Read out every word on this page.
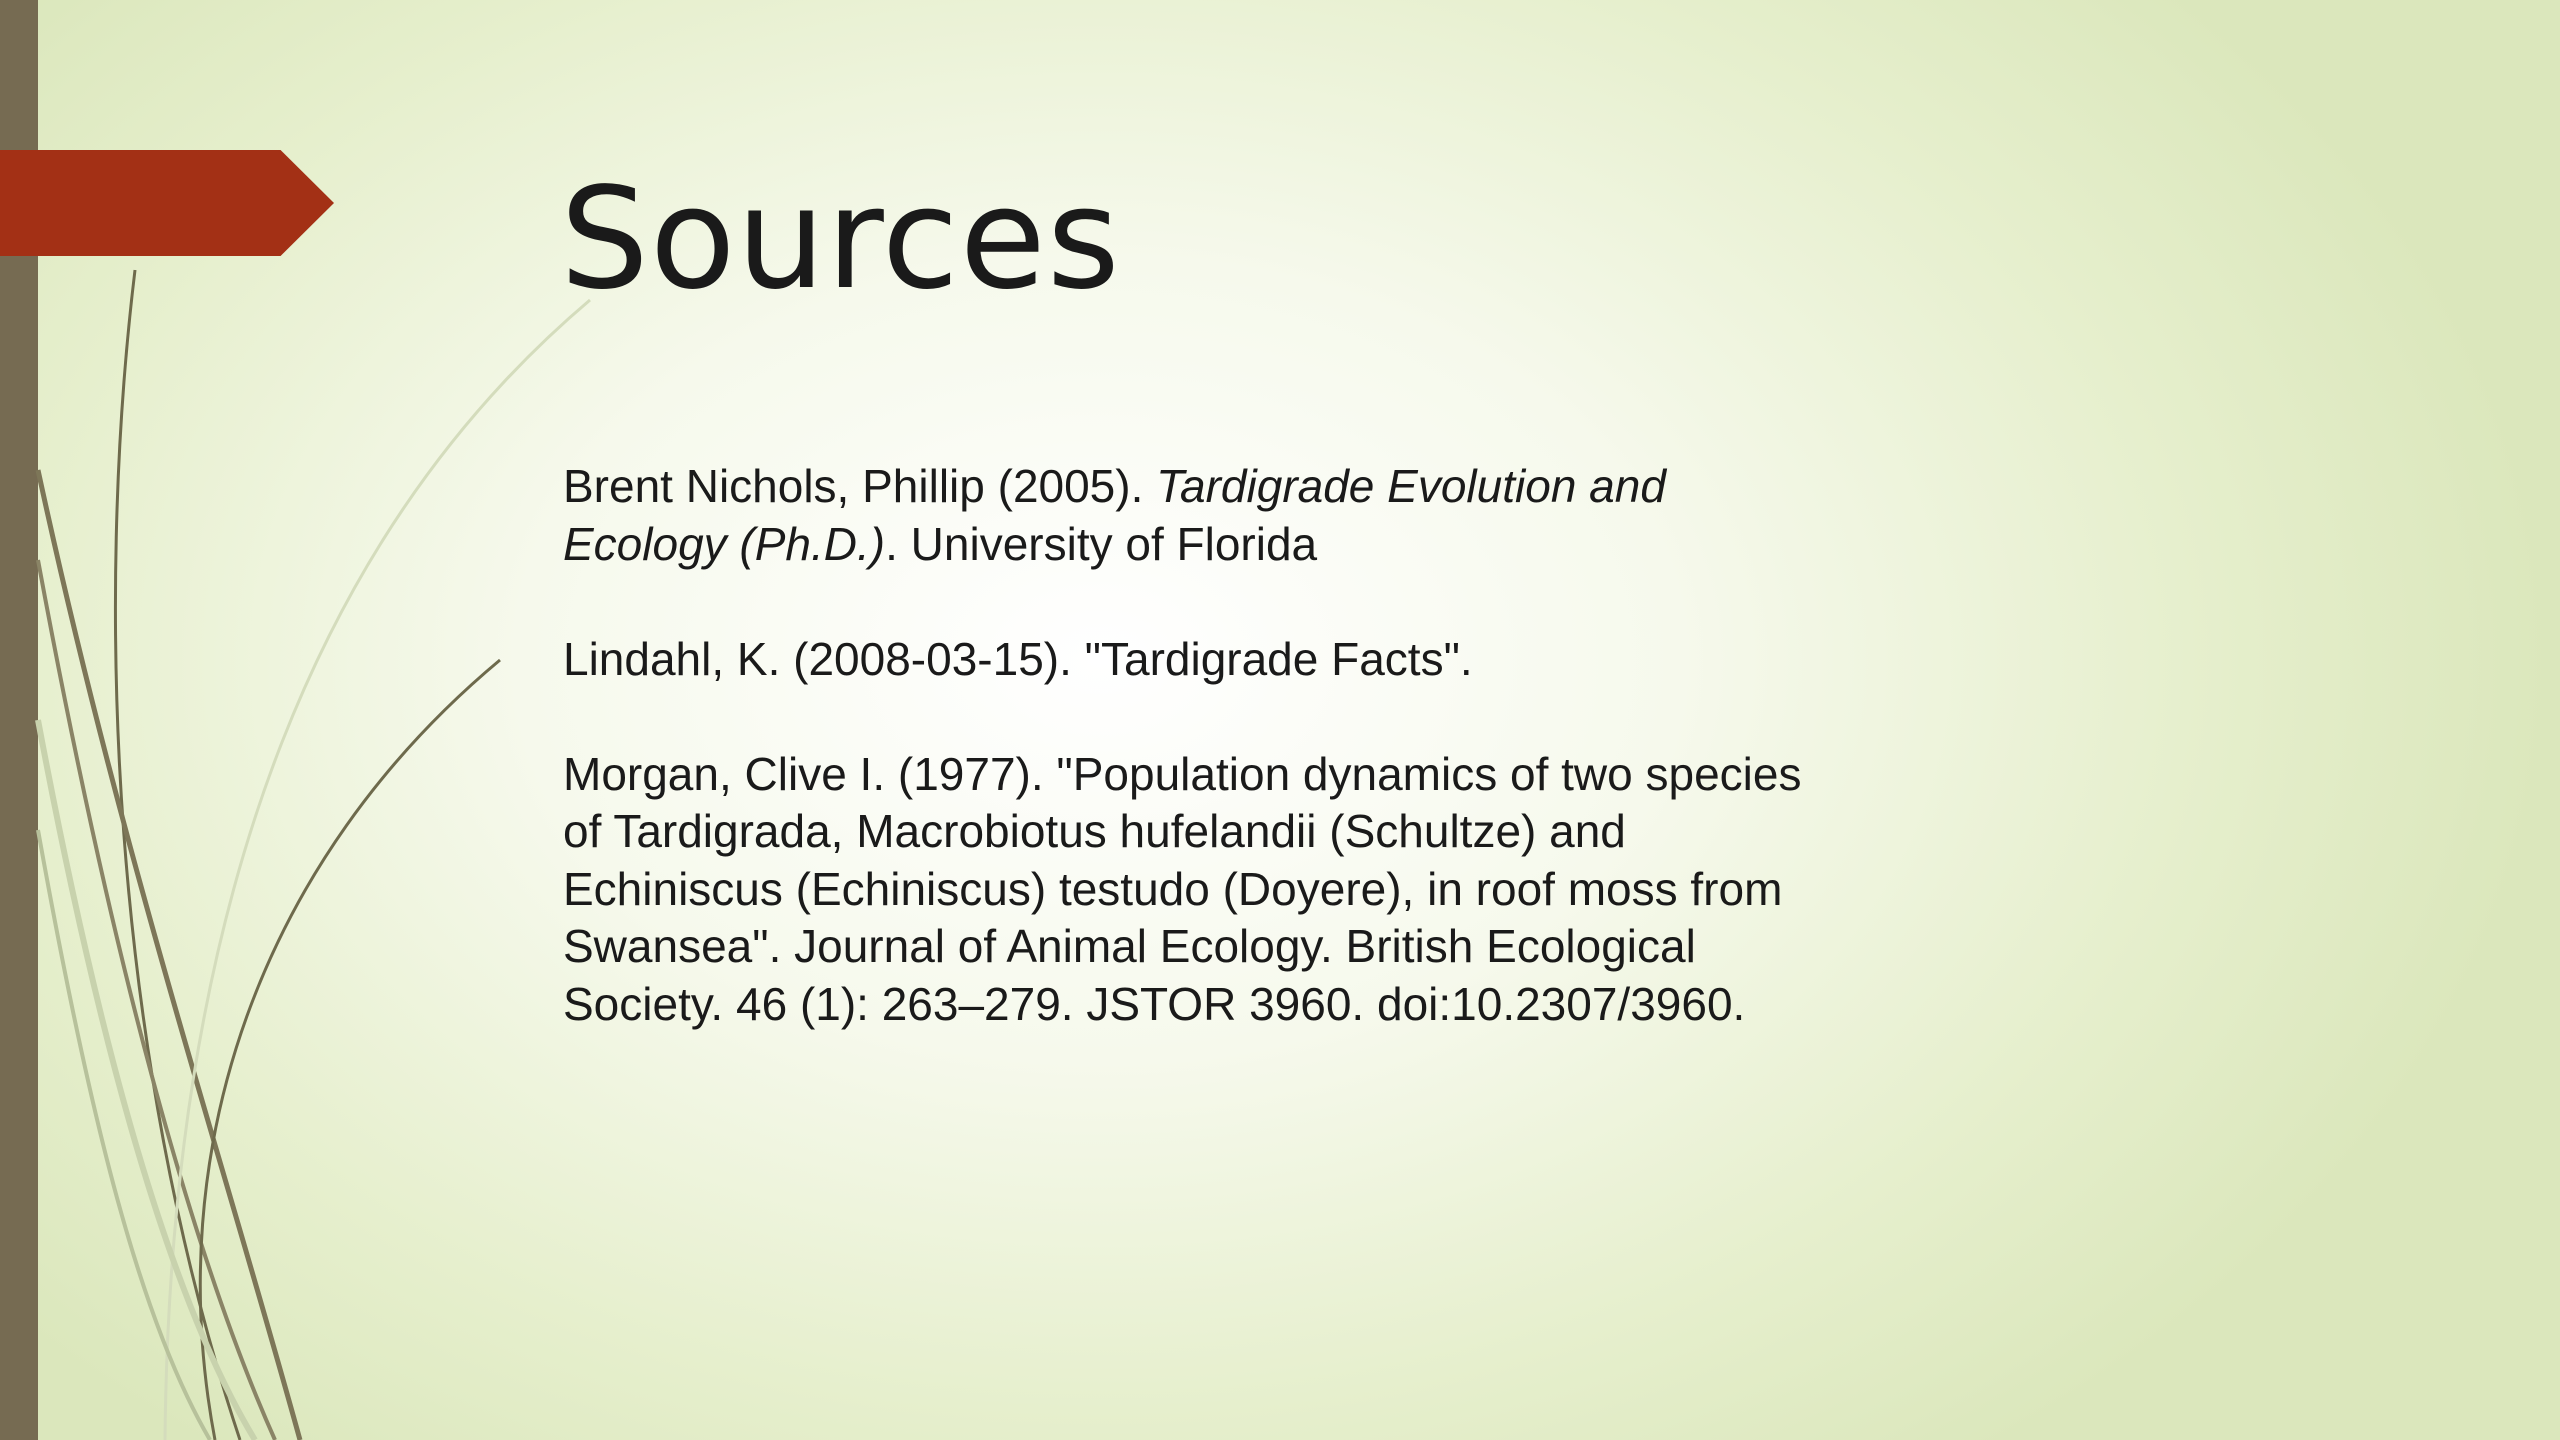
Sources

Brent Nichols, Phillip (2005). Tardigrade Evolution and Ecology (Ph.D.). University of Florida

Lindahl, K. (2008-03-15). "Tardigrade Facts".

Morgan, Clive I. (1977). "Population dynamics of two species of Tardigrada, Macrobiotus hufelandii (Schultze) and Echiniscus (Echiniscus) testudo (Doyere), in roof moss from Swansea". Journal of Animal Ecology. British Ecological Society. 46 (1): 263–279. JSTOR 3960. doi:10.2307/3960.
